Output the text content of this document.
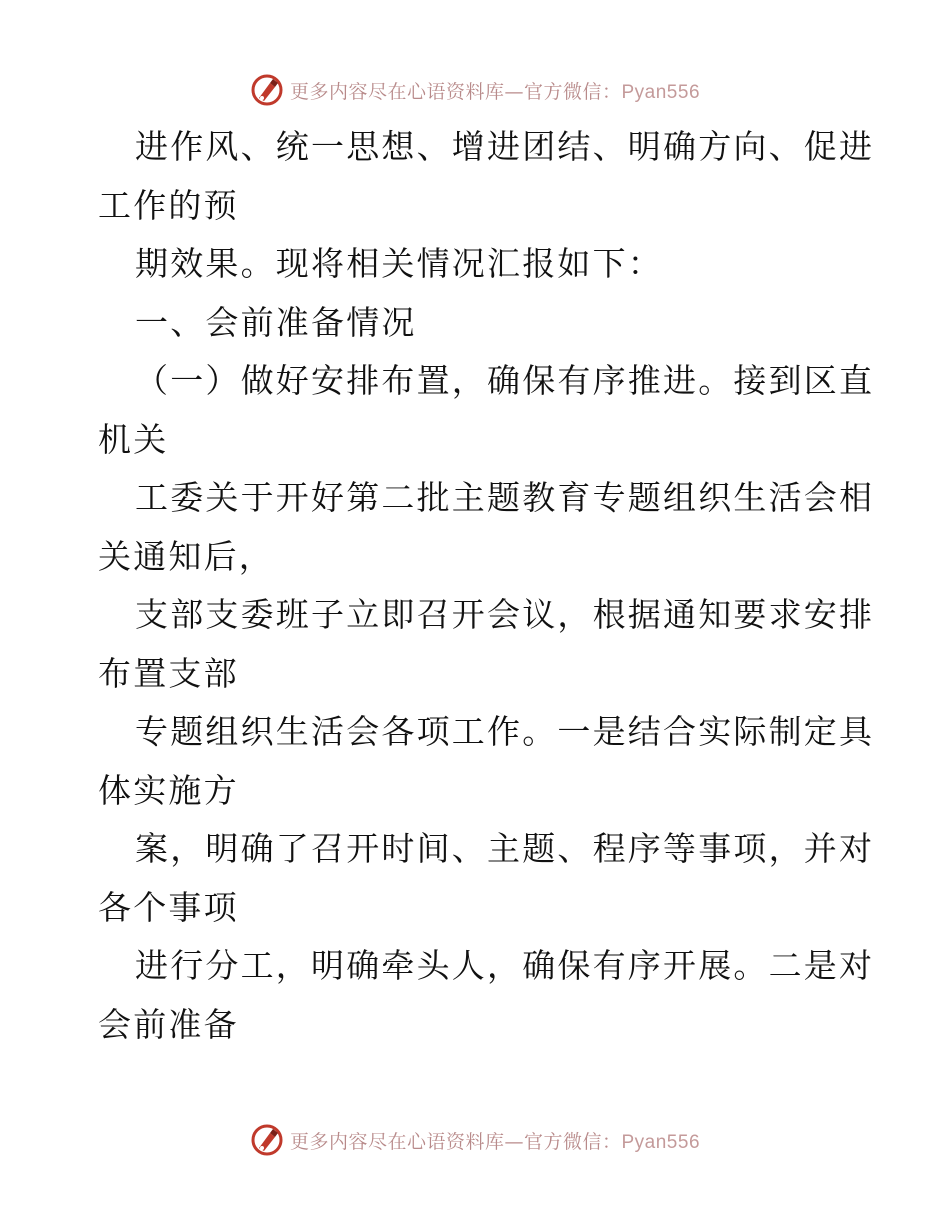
更多内容尽在心语资料库—官方微信：Pyan556
进作风、统一思想、增进团结、明确方向、促进
工作的预
期效果。现将相关情况汇报如下：
一、会前准备情况
（一）做好安排布置，确保有序推进。接到区直
机关
工委关于开好第二批主题教育专题组织生活会相
关通知后，
支部支委班子立即召开会议，根据通知要求安排
布置支部
专题组织生活会各项工作。一是结合实际制定具
体实施方
案，明确了召开时间、主题、程序等事项，并对
各个事项
进行分工，明确牵头人，确保有序开展。二是对
会前准备
更多内容尽在心语资料库—官方微信：Pyan556
